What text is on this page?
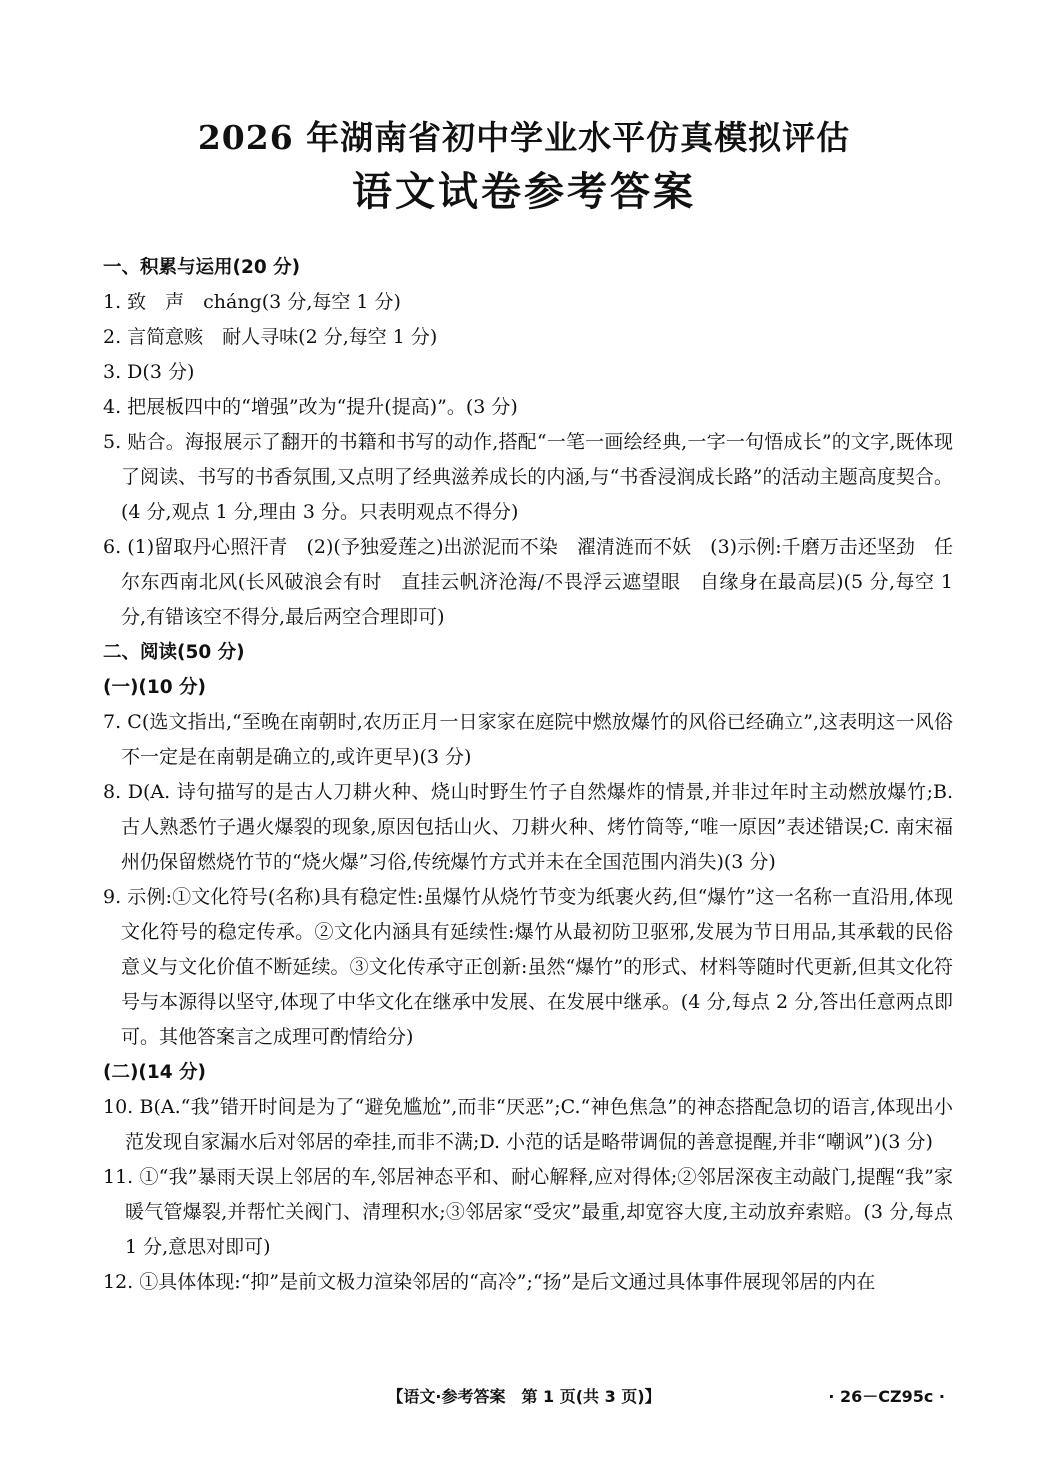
2026 年湖南省初中学业水平仿真模拟评估
语文试卷参考答案
一、积累与运用(20 分)
1. 致　声　cháng(3 分,每空 1 分)
2. 言简意赅　耐人寻味(2 分,每空 1 分)
3. D(3 分)
4. 把展板四中的“增强”改为“提升(提高)”。(3 分)
5. 贴合。海报展示了翻开的书籍和书写的动作,搭配“一笔一画绘经典,一字一句悟成长”的文字,既体现了阅读、书写的书香氛围,又点明了经典滋养成长的内涵,与“书香浸润成长路”的活动主题高度契合。(4 分,观点 1 分,理由 3 分。只表明观点不得分)
6. (1)留取丹心照汗青　(2)(予独爱莲之)出淤泥而不染　濯清涟而不妖　(3)示例:千磨万击还坚劲　任尔东西南北风(长风破浪会有时　直挂云帆济沧海/不畏浮云遮望眼　自缘身在最高层)(5 分,每空 1 分,有错该空不得分,最后两空合理即可)
二、阅读(50 分)
(一)(10 分)
7. C(选文指出,“至晚在南朝时,农历正月一日家家在庭院中燃放爆竹的风俗已经确立”,这表明这一风俗不一定是在南朝是确立的,或许更早)(3 分)
8. D(A. 诗句描写的是古人刀耕火种、烧山时野生竹子自然爆炸的情景,并非过年时主动燃放爆竹;B. 古人熟悉竹子遇火爆裂的现象,原因包括山火、刀耕火种、烤竹筒等,“唯一原因”表述错误;C. 南宋福州仍保留燃烧竹节的“烧火爆”习俗,传统爆竹方式并未在全国范围内消失)(3 分)
9. 示例:①文化符号(名称)具有稳定性:虽爆竹从烧竹节变为纸裹火药,但“爆竹”这一名称一直沿用,体现文化符号的稳定传承。②文化内涵具有延续性:爆竹从最初防卫驱邪,发展为节日用品,其承载的民俗意义与文化价值不断延续。③文化传承守正创新:虽然“爆竹”的形式、材料等随时代更新,但其文化符号与本源得以坚守,体现了中华文化在继承中发展、在发展中继承。(4 分,每点 2 分,答出任意两点即可。其他答案言之成理可酌情给分)
(二)(14 分)
10. B(A.“我”错开时间是为了“避免尴尬”,而非“厌恶”;C.“神色焦急”的神态搭配急切的语言,体现出小范发现自家漏水后对邻居的牵挂,而非不满;D. 小范的话是略带调侃的善意提醒,并非“嘲讽”)(3 分)
11. ①“我”暴雨天误上邻居的车,邻居神态平和、耐心解释,应对得体;②邻居深夜主动敲门,提醒“我”家暖气管爆裂,并帮忙关阀门、清理积水;③邻居家“受灾”最重,却宽容大度,主动放弃索赔。(3 分,每点 1 分,意思对即可)
12. ①具体体现:“抑”是前文极力渲染邻居的“高冷”;“扬”是后文通过具体事件展现邻居的内在
【语文·参考答案　第 1 页(共 3 页)】	· 26－CZ95c ·
